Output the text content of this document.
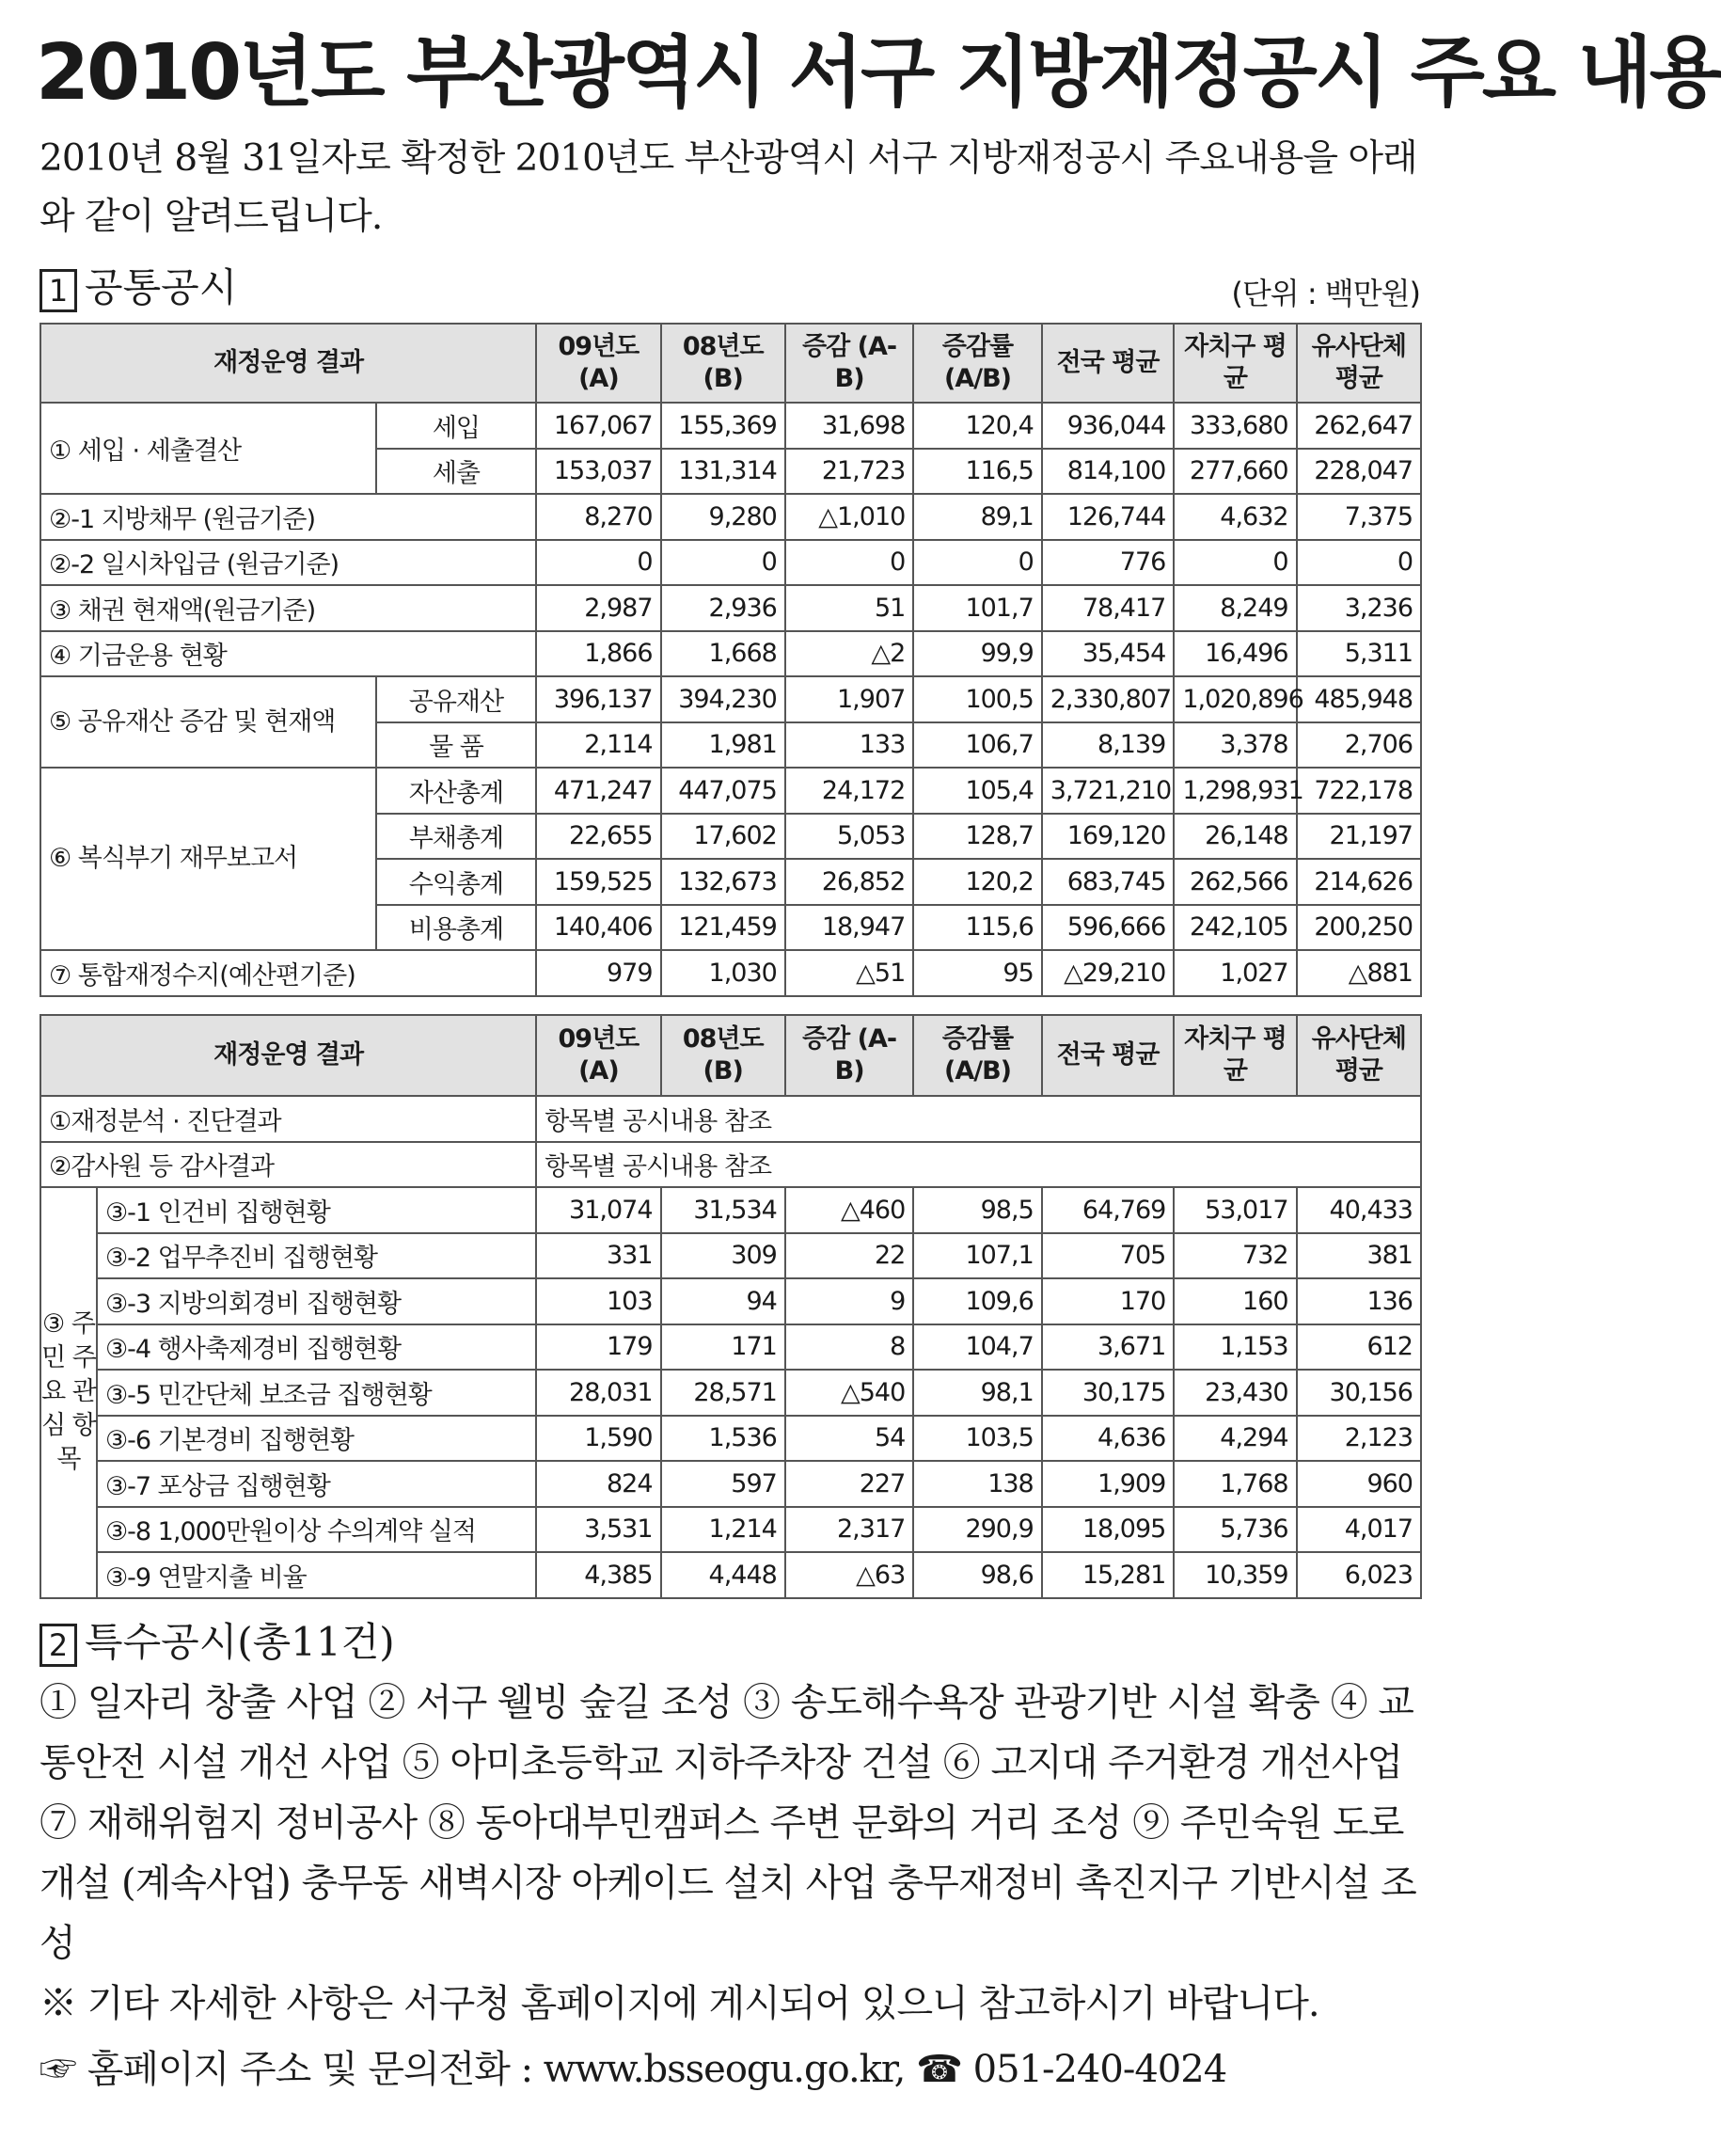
2010년도 부산광역시 서구 지방재정공시 주요 내용
2010년 8월 31일자로 확정한 2010년도 부산광역시 서구 지방재정공시 주요내용을 아래와 같이 알려드립니다.
1 공통공시	(단위 : 백만원)
재정운영 결과		09년도 (A)	08년도 (B)	증감 (A-B)	증감률 (A/B)	전국 평균	자치구 평균	유사단체 평균
① 세입 · 세출결산	세입	167,067	155,369	31,698	120,4	936,044	333,680	262,647
	세출	153,037	131,314	21,723	116,5	814,100	277,660	228,047
②-1 지방채무 (원금기준)		8,270	9,280	△1,010	89,1	126,744	4,632	7,375
②-2 일시차입금 (원금기준)		0	0	0	0	776	0	0
③ 채권 현재액(원금기준)		2,987	2,936	51	101,7	78,417	8,249	3,236
④ 기금운용 현황		1,866	1,668	△2	99,9	35,454	16,496	5,311
⑤ 공유재산 증감 및 현재액	공유재산	396,137	394,230	1,907	100,5	2,330,807	1,020,896	485,948
	물 품	2,114	1,981	133	106,7	8,139	3,378	2,706
⑥ 복식부기 재무보고서	자산총계	471,247	447,075	24,172	105,4	3,721,210	1,298,931	722,178
	부채총계	22,655	17,602	5,053	128,7	169,120	26,148	21,197
	수익총계	159,525	132,673	26,852	120,2	683,745	262,566	214,626
	비용총계	140,406	121,459	18,947	115,6	596,666	242,105	200,250
⑦ 통합재정수지(예산편기준)		979	1,030	△51	95	△29,210	1,027	△881
재정운영 결과		09년도 (A)	08년도 (B)	증감 (A-B)	증감률 (A/B)	전국 평균	자치구 평균	유사단체 평균
①재정분석 · 진단결과		항목별 공시내용 참조						
②감사원 등 감사결과		항목별 공시내용 참조						
③ 주 민 주 요 관 심 항 목	③-1 인건비 집행현황	31,074	31,534	△460	98,5	64,769	53,017	40,433
	③-2 업무추진비 집행현황	331	309	22	107,1	705	732	381
	③-3 지방의회경비 집행현황	103	94	9	109,6	170	160	136
	③-4 행사축제경비 집행현황	179	171	8	104,7	3,671	1,153	612
	③-5 민간단체 보조금 집행현황	28,031	28,571	△540	98,1	30,175	23,430	30,156
	③-6 기본경비 집행현황	1,590	1,536	54	103,5	4,636	4,294	2,123
	③-7 포상금 집행현황	824	597	227	138	1,909	1,768	960
	③-8 1,000만원이상 수의계약 실적	3,531	1,214	2,317	290,9	18,095	5,736	4,017
	③-9 연말지출 비율	4,385	4,448	△63	98,6	15,281	10,359	6,023
2 특수공시(총11건)
① 일자리 창출 사업 ② 서구 웰빙 숲길 조성 ③ 송도해수욕장 관광기반 시설 확충 ④ 교통안전 시설 개선 사업 ⑤ 아미초등학교 지하주차장 건설 ⑥ 고지대 주거환경 개선사업 ⑦ 재해위험지 정비공사 ⑧ 동아대부민캠퍼스 주변 문화의 거리 조성 ⑨ 주민숙원 도로개설 (계속사업) 충무동 새벽시장 아케이드 설치 사업 충무재정비 촉진지구 기반시설 조성
※ 기타 자세한 사항은 서구청 홈페이지에 게시되어 있으니 참고하시기 바랍니다.
☞ 홈페이지 주소 및 문의전화 : www.bsseogu.go.kr, ☎ 051-240-4024
